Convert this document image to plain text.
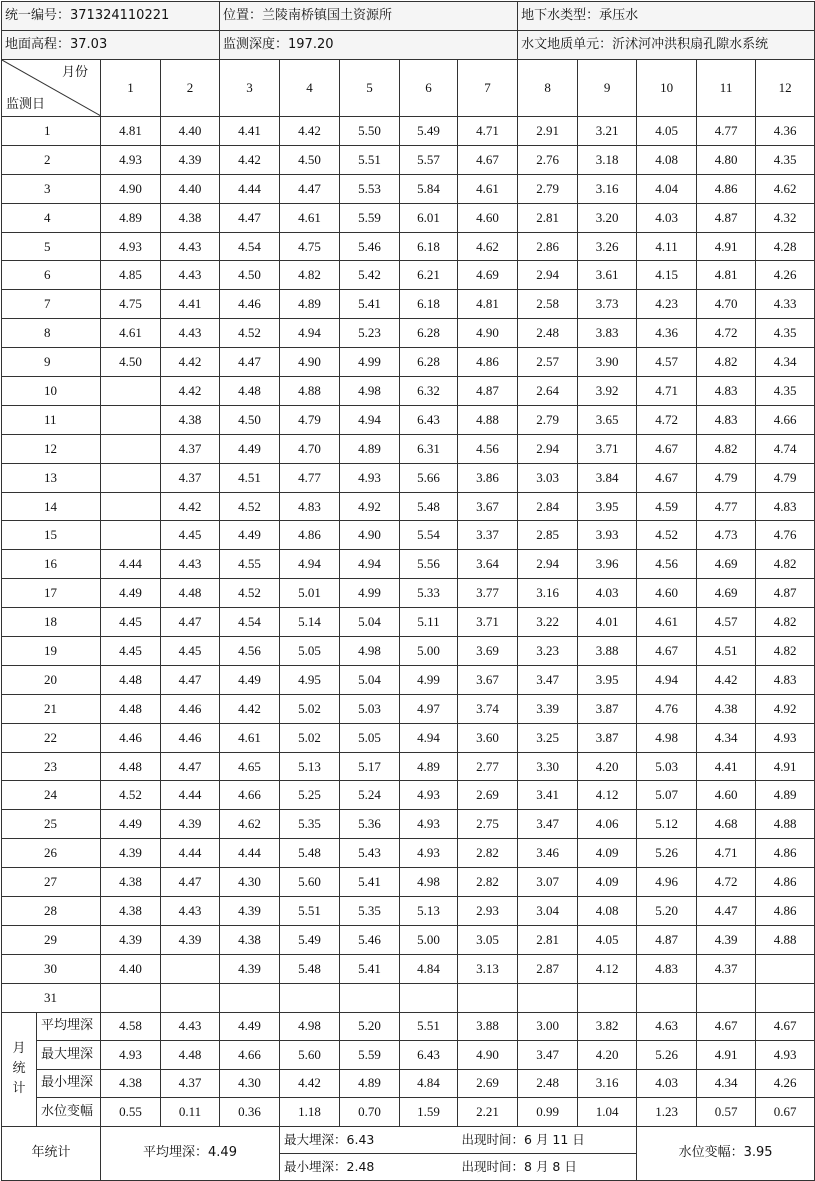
统一编号：371324110221				位置：兰陵南桥镇国土资源所					地下水类型：承压水				
地面高程：37.03				监测深度：197.20					水文地质单元：沂沭河冲洪积扇孔隙水系统				

月份
监测日		1	2	3	4	5	6	7	8	9	10	11	12
1		4.81	4.40	4.41	4.42	5.50	5.49	4.71	2.91	3.21	4.05	4.77	4.36
2		4.93	4.39	4.42	4.50	5.51	5.57	4.67	2.76	3.18	4.08	4.80	4.35
3		4.90	4.40	4.44	4.47	5.53	5.84	4.61	2.79	3.16	4.04	4.86	4.62
4		4.89	4.38	4.47	4.61	5.59	6.01	4.60	2.81	3.20	4.03	4.87	4.32
5		4.93	4.43	4.54	4.75	5.46	6.18	4.62	2.86	3.26	4.11	4.91	4.28
6		4.85	4.43	4.50	4.82	5.42	6.21	4.69	2.94	3.61	4.15	4.81	4.26
7		4.75	4.41	4.46	4.89	5.41	6.18	4.81	2.58	3.73	4.23	4.70	4.33
8		4.61	4.43	4.52	4.94	5.23	6.28	4.90	2.48	3.83	4.36	4.72	4.35
9		4.50	4.42	4.47	4.90	4.99	6.28	4.86	2.57	3.90	4.57	4.82	4.34
10			4.42	4.48	4.88	4.98	6.32	4.87	2.64	3.92	4.71	4.83	4.35
11			4.38	4.50	4.79	4.94	6.43	4.88	2.79	3.65	4.72	4.83	4.66
12			4.37	4.49	4.70	4.89	6.31	4.56	2.94	3.71	4.67	4.82	4.74
13			4.37	4.51	4.77	4.93	5.66	3.86	3.03	3.84	4.67	4.79	4.79
14			4.42	4.52	4.83	4.92	5.48	3.67	2.84	3.95	4.59	4.77	4.83
15			4.45	4.49	4.86	4.90	5.54	3.37	2.85	3.93	4.52	4.73	4.76
16		4.44	4.43	4.55	4.94	4.94	5.56	3.64	2.94	3.96	4.56	4.69	4.82
17		4.49	4.48	4.52	5.01	4.99	5.33	3.77	3.16	4.03	4.60	4.69	4.87
18		4.45	4.47	4.54	5.14	5.04	5.11	3.71	3.22	4.01	4.61	4.57	4.82
19		4.45	4.45	4.56	5.05	4.98	5.00	3.69	3.23	3.88	4.67	4.51	4.82
20		4.48	4.47	4.49	4.95	5.04	4.99	3.67	3.47	3.95	4.94	4.42	4.83
21		4.48	4.46	4.42	5.02	5.03	4.97	3.74	3.39	3.87	4.76	4.38	4.92
22		4.46	4.46	4.61	5.02	5.05	4.94	3.60	3.25	3.87	4.98	4.34	4.93
23		4.48	4.47	4.65	5.13	5.17	4.89	2.77	3.30	4.20	5.03	4.41	4.91
24		4.52	4.44	4.66	5.25	5.24	4.93	2.69	3.41	4.12	5.07	4.60	4.89
25		4.49	4.39	4.62	5.35	5.36	4.93	2.75	3.47	4.06	5.12	4.68	4.88
26		4.39	4.44	4.44	5.48	5.43	4.93	2.82	3.46	4.09	5.26	4.71	4.86
27		4.38	4.47	4.30	5.60	5.41	4.98	2.82	3.07	4.09	4.96	4.72	4.86
28		4.38	4.43	4.39	5.51	5.35	5.13	2.93	3.04	4.08	5.20	4.47	4.86
29		4.39	4.39	4.38	5.49	5.46	5.00	3.05	2.81	4.05	4.87	4.39	4.88
30		4.40		4.39	5.48	5.41	4.84	3.13	2.87	4.12	4.83	4.37	
31													

月
统
计	平均埋深	4.58	4.43	4.49	4.98	5.20	5.51	3.88	3.00	3.82	4.63	4.67	4.67
	最大埋深	4.93	4.48	4.66	5.60	5.59	6.43	4.90	3.47	4.20	5.26	4.91	4.93
	最小埋深	4.38	4.37	4.30	4.42	4.89	4.84	2.69	2.48	3.16	4.03	4.34	4.26
	水位变幅	0.55	0.11	0.36	1.18	0.70	1.59	2.21	0.99	1.04	1.23	0.57	0.67
年统计		平均埋深：4.49			最大埋深：6.43			出现时间：6 月 11 日			水位变幅：3.95		
					最小埋深：2.48			出现时间：8 月 8 日					
